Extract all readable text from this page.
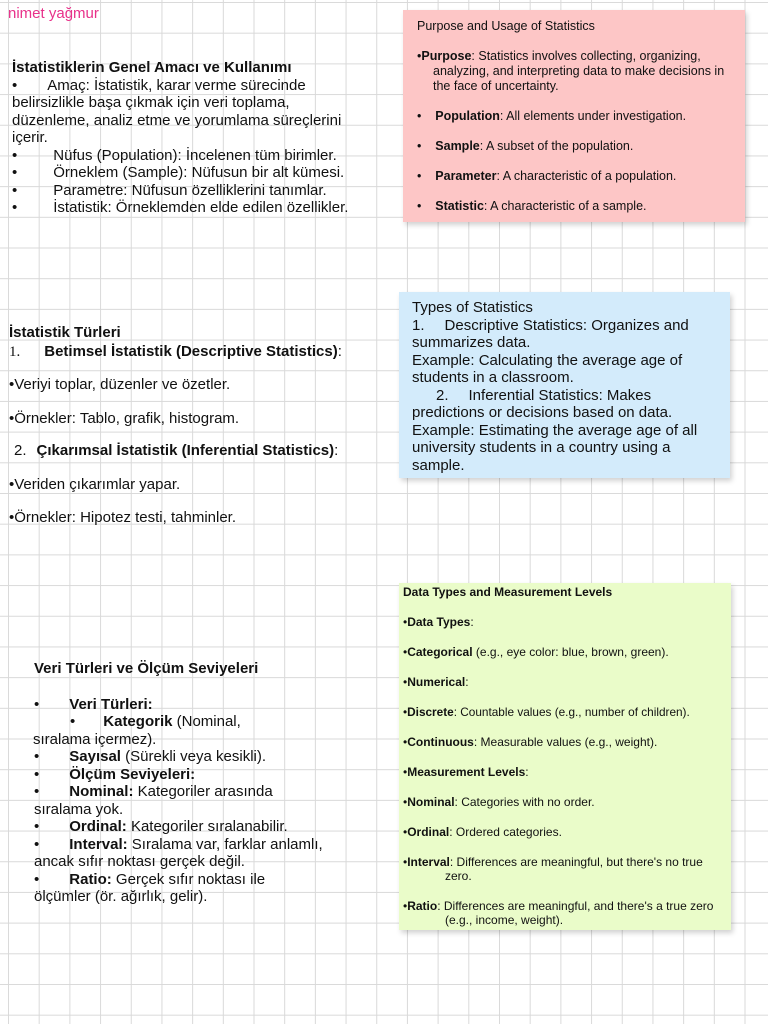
nimet yağmur
İstatistiklerin Genel Amacı ve Kullanımı
• Amaç: İstatistik, karar verme sürecinde
belirsizlikle başa çıkmak için veri toplama,
düzenleme, analiz etme ve yorumlama süreçlerini
içerir.
• Nüfus (Population): İncelenen tüm birimler.
• Örneklem (Sample): Nüfusun bir alt kümesi.
• Parametre: Nüfusun özelliklerini tanımlar.
• İstatistik: Örneklemden elde edilen özellikler.

Purpose and Usage of Statistics

•Purpose: Statistics involves collecting, organizing, analyzing, and interpreting data to make decisions in the face of uncertainty.

•    Population: All elements under investigation.

•    Sample: A subset of the population.

•    Parameter: A characteristic of a population.

•    Statistic: A characteristic of a sample.

İstatistik Türleri
1. Betimsel İstatistik (Descriptive Statistics):
•Veriyi toplar, düzenler ve özetler.
•Örnekler: Tablo, grafik, histogram.
2. Çıkarımsal İstatistik (Inferential Statistics):
•Veriden çıkarımlar yapar.
•Örnekler: Hipotez testi, tahminler.
Types of Statistics
1. Descriptive Statistics: Organizes and summarizes data.
Example: Calculating the average age of students in a classroom.
2. Inferential Statistics: Makes predictions or decisions based on data.
Example: Estimating the average age of all university students in a country using a sample.
Veri Türleri ve Ölçüm Seviyeleri
• Veri Türleri:
• Kategorik (Nominal,
sıralama içermez).
• Sayısal (Sürekli veya kesikli).
• Ölçüm Seviyeleri:
• Nominal: Kategoriler arasında
sıralama yok.
• Ordinal: Kategoriler sıralanabilir.
• Interval: Sıralama var, farklar anlamlı,
ancak sıfır noktası gerçek değil.
• Ratio: Gerçek sıfır noktası ile
ölçümler (ör. ağırlık, gelir).

Data Types and Measurement Levels

•Data Types:

•Categorical (e.g., eye color: blue, brown, green).

•Numerical:

•Discrete: Countable values (e.g., number of children).

•Continuous: Measurable values (e.g., weight).

•Measurement Levels:

•Nominal: Categories with no order.

•Ordinal: Ordered categories.

•Interval: Differences are meaningful, but there's no true zero.

•Ratio: Differences are meaningful, and there's a true zero (e.g., income, weight).
